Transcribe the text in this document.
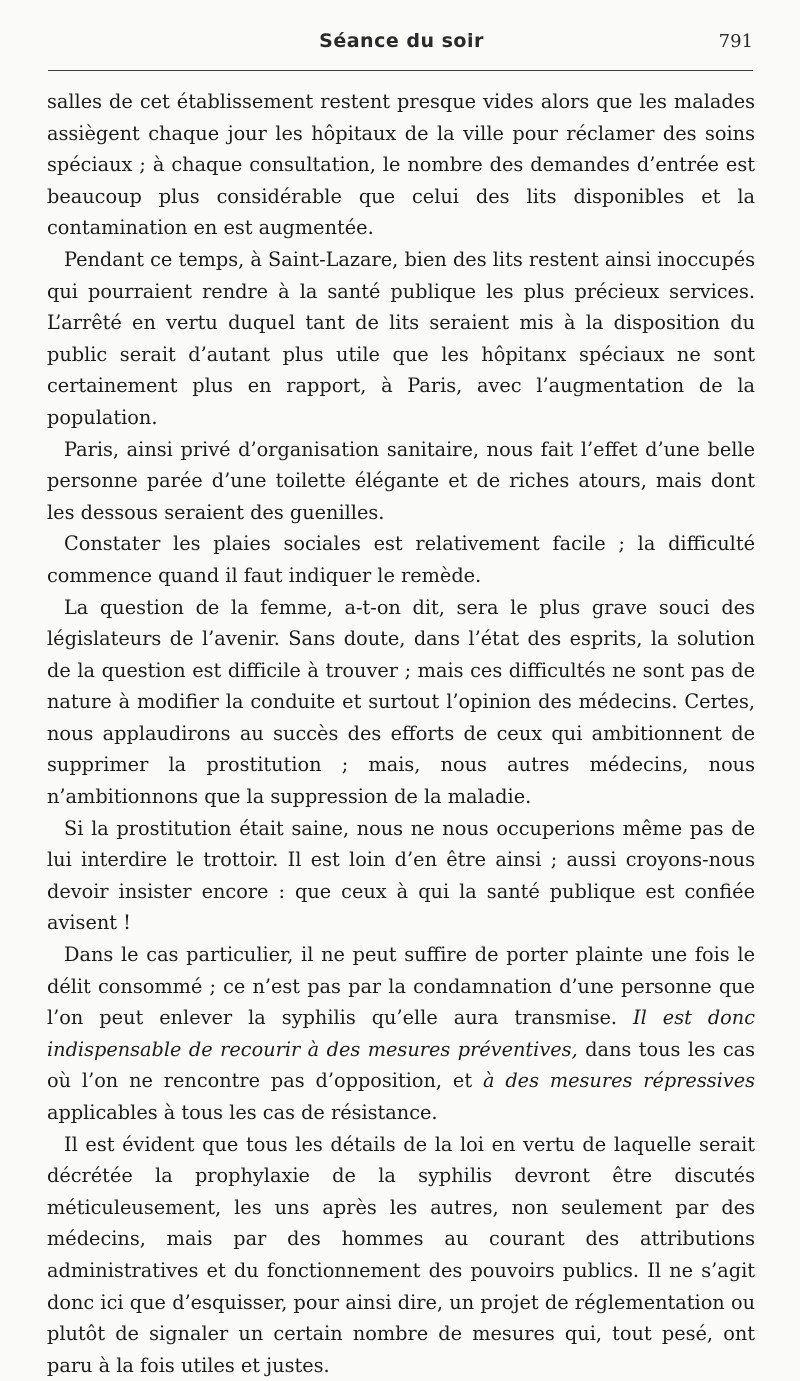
Séance du soir	791

salles de cet établissement restent presque vides alors que les malades assiègent chaque jour les hôpitaux de la ville pour réclamer des soins spéciaux ; à chaque consultation, le nombre des demandes d’entrée est beaucoup plus considérable que celui des lits disponibles et la contamination en est augmentée.

Pendant ce temps, à Saint-Lazare, bien des lits restent ainsi inoccupés qui pourraient rendre à la santé publique les plus précieux services. L’arrêté en vertu duquel tant de lits seraient mis à la disposition du public serait d’autant plus utile que les hôpitanx spéciaux ne sont certainement plus en rapport, à Paris, avec l’augmentation de la population.

Paris, ainsi privé d’organisation sanitaire, nous fait l’effet d’une belle personne parée d’une toilette élégante et de riches atours, mais dont les dessous seraient des guenilles.

Constater les plaies sociales est relativement facile ; la difficulté commence quand il faut indiquer le remède.

La question de la femme, a-t-on dit, sera le plus grave souci des législateurs de l’avenir. Sans doute, dans l’état des esprits, la solution de la question est difficile à trouver ; mais ces difficultés ne sont pas de nature à modifier la conduite et surtout l’opinion des médecins. Certes, nous applaudirons au succès des efforts de ceux qui ambitionnent de supprimer la prostitution ; mais, nous autres médecins, nous n’ambitionnons que la suppression de la maladie.

Si la prostitution était saine, nous ne nous occuperions même pas de lui interdire le trottoir. Il est loin d’en être ainsi ; aussi croyons-nous devoir insister encore : que ceux à qui la santé publique est confiée avisent !

Dans le cas particulier, il ne peut suffire de porter plainte une fois le délit consommé ; ce n’est pas par la condamnation d’une personne que l’on peut enlever la syphilis qu’elle aura transmise. Il est donc indispensable de recourir à des mesures préventives, dans tous les cas où l’on ne rencontre pas d’opposition, et à des mesures répressives applicables à tous les cas de résistance.

Il est évident que tous les détails de la loi en vertu de laquelle serait décrétée la prophylaxie de la syphilis devront être discutés méticuleusement, les uns après les autres, non seulement par des médecins, mais par des hommes au courant des attributions administratives et du fonctionnement des pouvoirs publics. Il ne s’agit donc ici que d’esquisser, pour ainsi dire, un projet de réglementation ou plutôt de signaler un certain nombre de mesures qui, tout pesé, ont paru à la fois utiles et justes.
